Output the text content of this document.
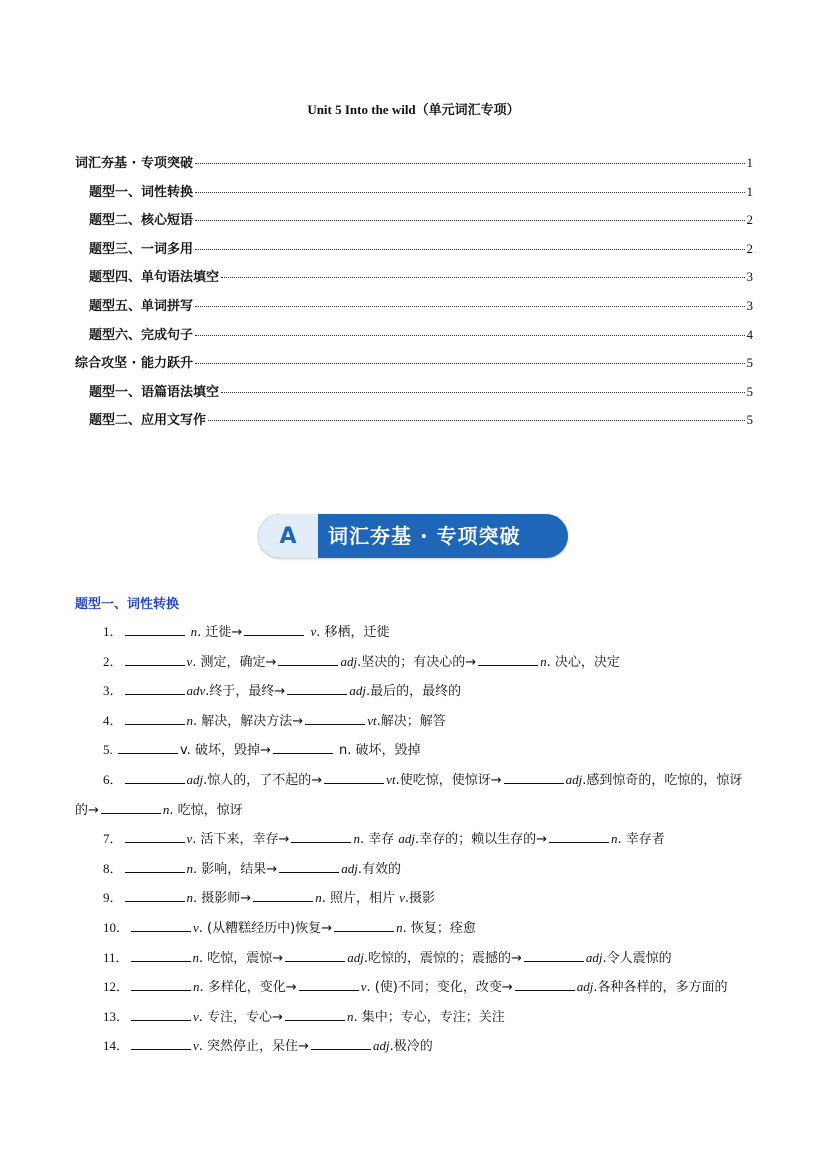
Unit 5 Into the wild（单元词汇专项）
词汇夯基 · 专项突破	1
题型一、词性转换	1
题型二、核心短语	2
题型三、一词多用	2
题型四、单句语法填空	3
题型五、单词拼写	3
题型六、完成句子	4
综合攻坚 · 能力跃升	5
题型一、语篇语法填空	5
题型二、应用文写作	5
A	词汇夯基 · 专项突破
题型一、词性转换
1．	n. 迁徙→	v. 移栖，迁徙
2．	v. 测定，确定→	adj.坚决的；有决心的→	n. 决心，决定
3．	adv.终于，最终→	adj.最后的，最终的
4．	n. 解决，解决方法→	vt.解决；解答
5.	v. 破坏，毁掉→	n. 破坏，毁掉
6．	adj.惊人的，了不起的→	vt.使吃惊，使惊讶→	adj.感到惊奇的，吃惊的，惊讶的→	n. 吃惊，惊讶
7．	v. 活下来，幸存→	n. 幸存 adj.幸存的；赖以生存的→	n. 幸存者
8．	n. 影响，结果→	adj.有效的
9．	n. 摄影师→	n. 照片，相片 v.摄影
10．	v. (从糟糕经历中)恢复→	n. 恢复；痊愈
11．	n. 吃惊，震惊→	adj.吃惊的，震惊的；震撼的→	adj.令人震惊的
12．	n. 多样化，变化→	v. (使)不同；变化，改变→	adj.各种各样的，多方面的
13．	v. 专注，专心→	n. 集中；专心，专注；关注
14．	v. 突然停止，呆住→	adj.极冷的
